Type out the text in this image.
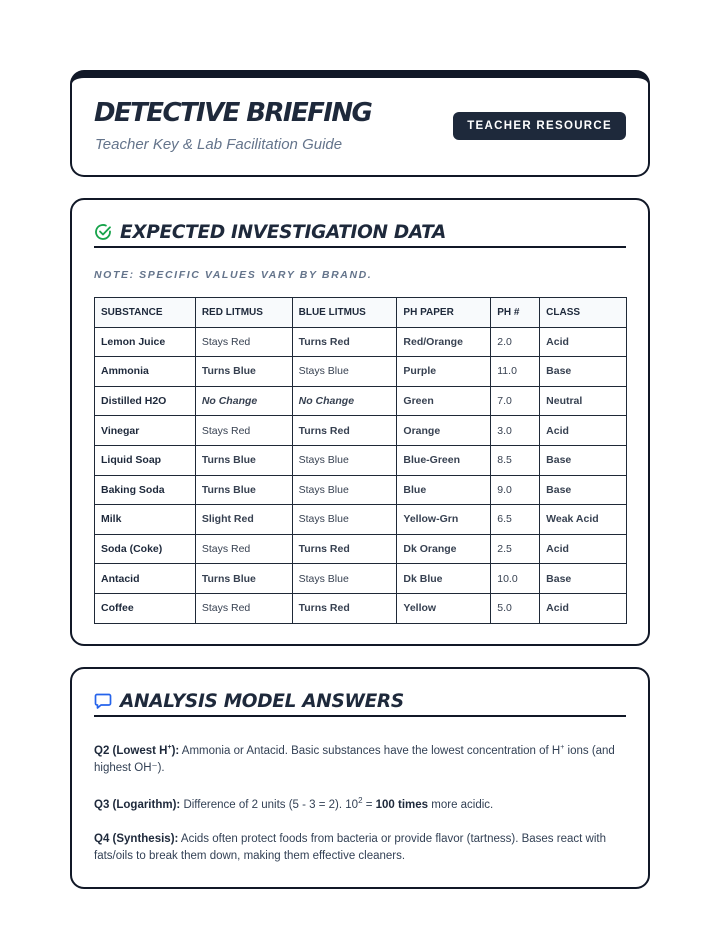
DETECTIVE BRIEFING
Teacher Key & Lab Facilitation Guide
TEACHER RESOURCE
EXPECTED INVESTIGATION DATA
NOTE: SPECIFIC VALUES VARY BY BRAND.
SUBSTANCE	RED LITMUS	BLUE LITMUS	PH PAPER	PH #	CLASS
Lemon Juice	Stays Red	Turns Red	Red/Orange	2.0	Acid
Ammonia	Turns Blue	Stays Blue	Purple	11.0	Base
Distilled H2O	No Change	No Change	Green	7.0	Neutral
Vinegar	Stays Red	Turns Red	Orange	3.0	Acid
Liquid Soap	Turns Blue	Stays Blue	Blue-Green	8.5	Base
Baking Soda	Turns Blue	Stays Blue	Blue	9.0	Base
Milk	Slight Red	Stays Blue	Yellow-Grn	6.5	Weak Acid
Soda (Coke)	Stays Red	Turns Red	Dk Orange	2.5	Acid
Antacid	Turns Blue	Stays Blue	Dk Blue	10.0	Base
Coffee	Stays Red	Turns Red	Yellow	5.0	Acid
ANALYSIS MODEL ANSWERS

Q2 (Lowest H+): Ammonia or Antacid. Basic substances have the lowest concentration of H+ ions (and highest OH⁻).

Q3 (Logarithm): Difference of 2 units (5 - 3 = 2). $10^2 = 100$ times more acidic.

Q4 (Synthesis): Acids often protect foods from bacteria or provide flavor (tartness). Bases react with fats/oils to break them down, making them effective cleaners.
